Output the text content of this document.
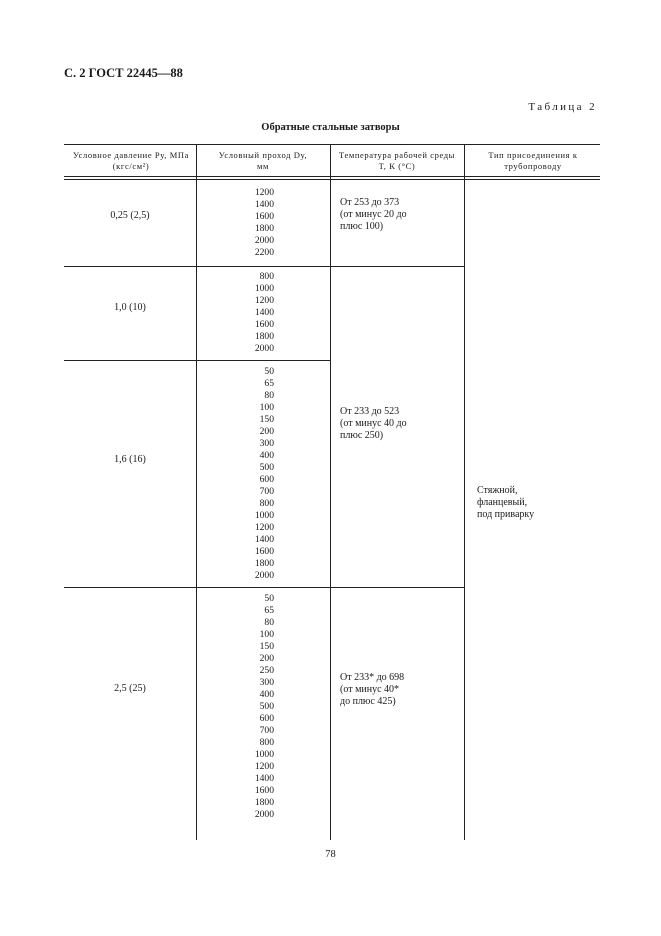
С. 2 ГОСТ 22445—88
Таблица 2
Обратные стальные затворы
Условное давление Pу, МПа (кгс/см²)
Условный проход Dу, мм
Температура рабочей среды T, К (°С)
Тип присоединения к трубопроводу
0,25 (2,5)
1200
1400
1600
1800
2000
2200
От 253 до 373
(от минус 20 до
плюс 100)
1,0 (10)
800
1000
1200
1400
1600
1800
2000
1,6 (16)
50
65
80
100
150
200
300
400
500
600
700
800
1000
1200
1400
1600
1800
2000
От 233 до 523
(от минус 40 до
плюс 250)
2,5 (25)
50
65
80
100
150
200
250
300
400
500
600
700
800
1000
1200
1400
1600
1800
2000
От 233* до 698
(от минус 40*
до плюс 425)
Стяжной,
фланцевый,
под приварку
78
